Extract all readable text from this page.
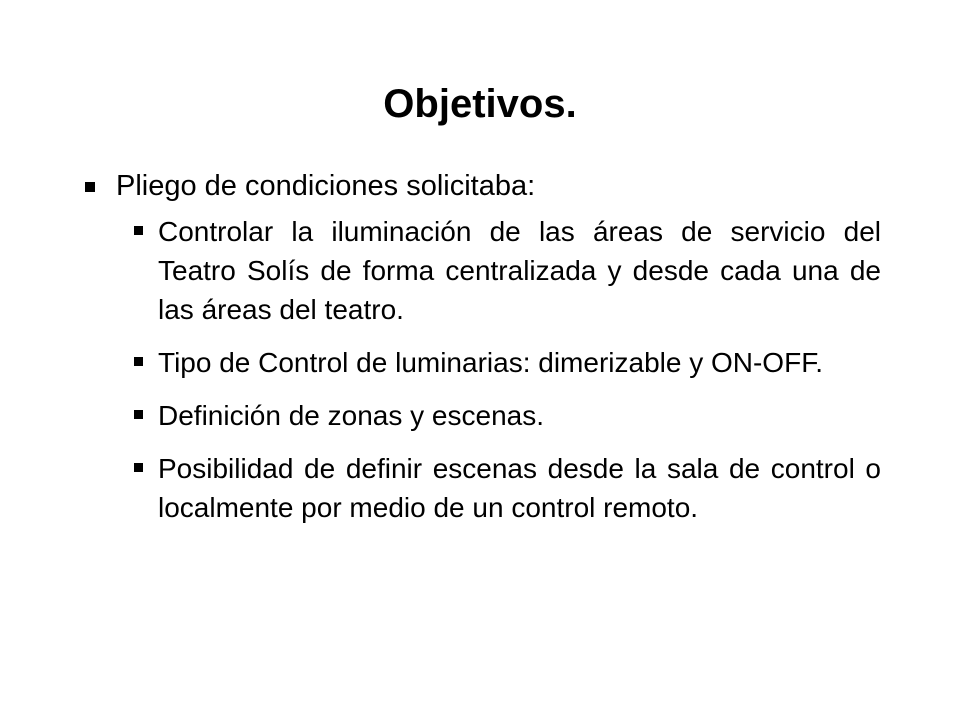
Objetivos.
Pliego de condiciones solicitaba:
Controlar la iluminación de las áreas de servicio del Teatro Solís de forma centralizada y desde cada una de las áreas del teatro.
Tipo de Control de luminarias: dimerizable y ON-OFF.
Definición de zonas y escenas.
Posibilidad de definir escenas desde la sala de control o localmente por medio de un control remoto.
